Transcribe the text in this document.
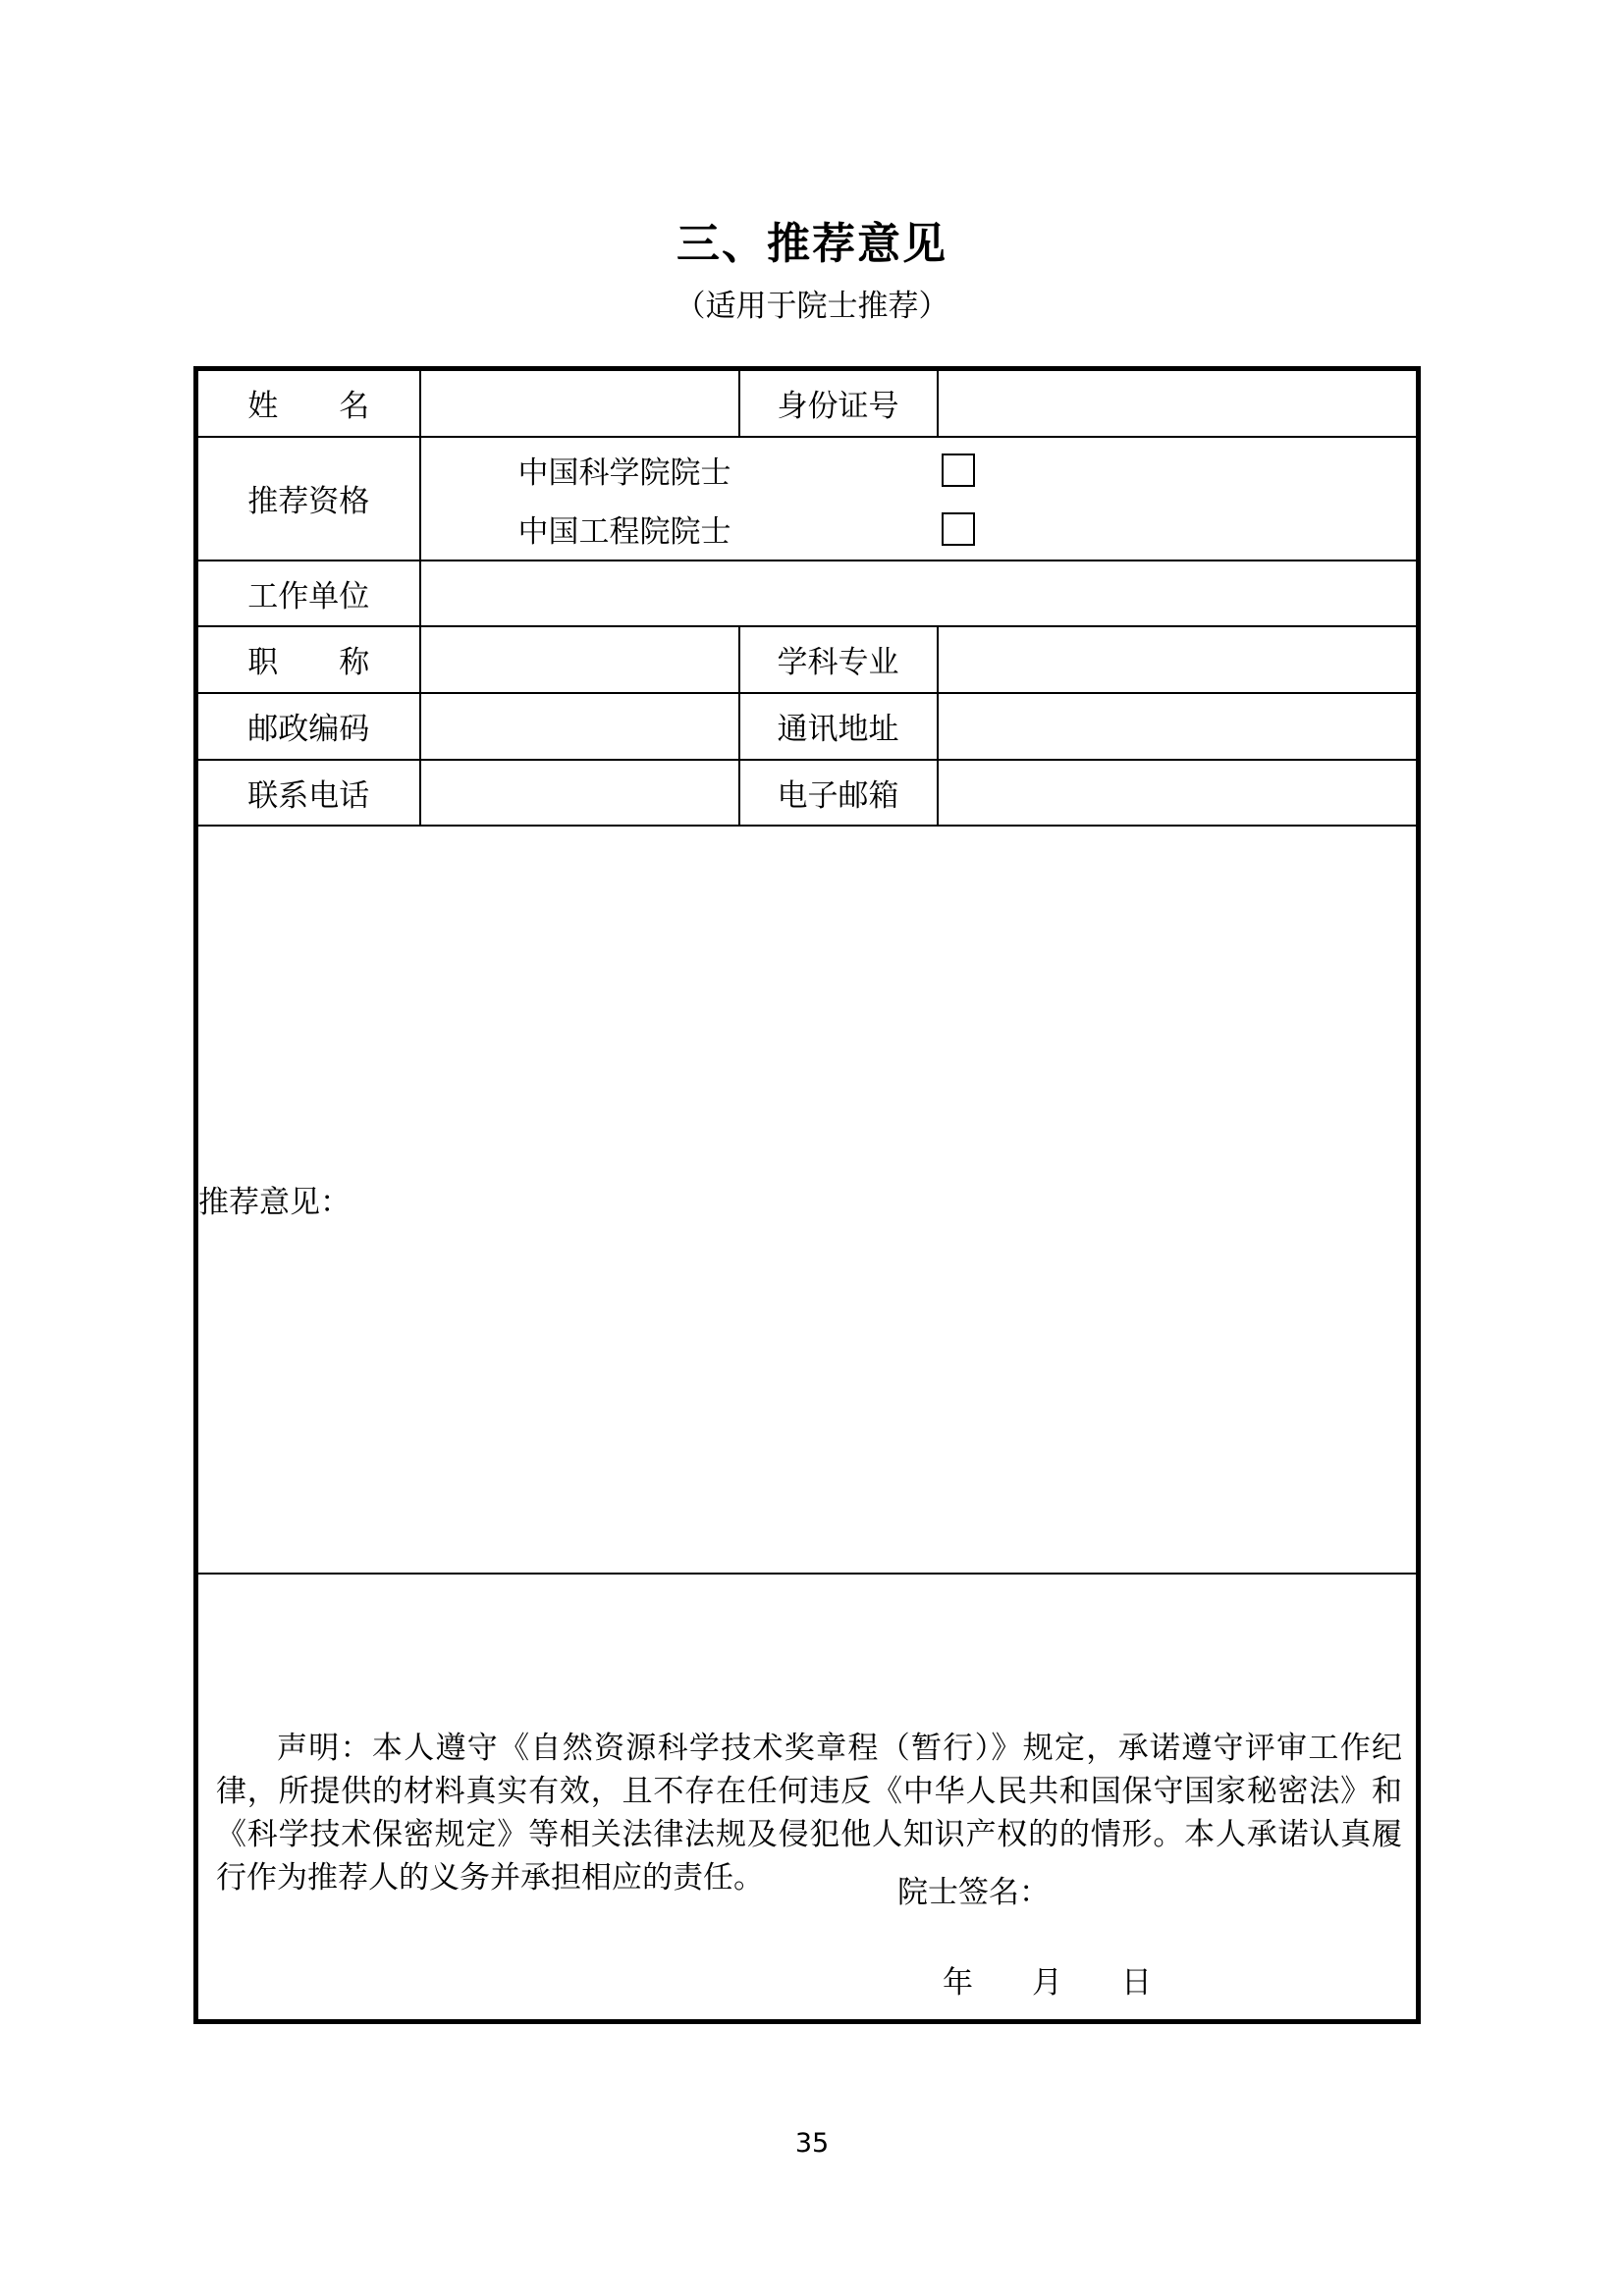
三、推荐意见
（适用于院士推荐）
姓　　名		身份证号	
推荐资格	中国科学院院士
中国工程院院士		

工作单位			
职　　称		学科专业	
邮政编码		通讯地址	
联系电话		电子邮箱	
推荐意见：			

声明：本人遵守《自然资源科学技术奖章程（暂行）》规定，承诺遵守评审工作纪律，所提供的材料真实有效，且不存在任何违反《中华人民共和国保守国家秘密法》和《科学技术保密规定》等相关法律法规及侵犯他人知识产权的的情形。本人承诺认真履行作为推荐人的义务并承担相应的责任。 院士签名：
年 月 日			
35
